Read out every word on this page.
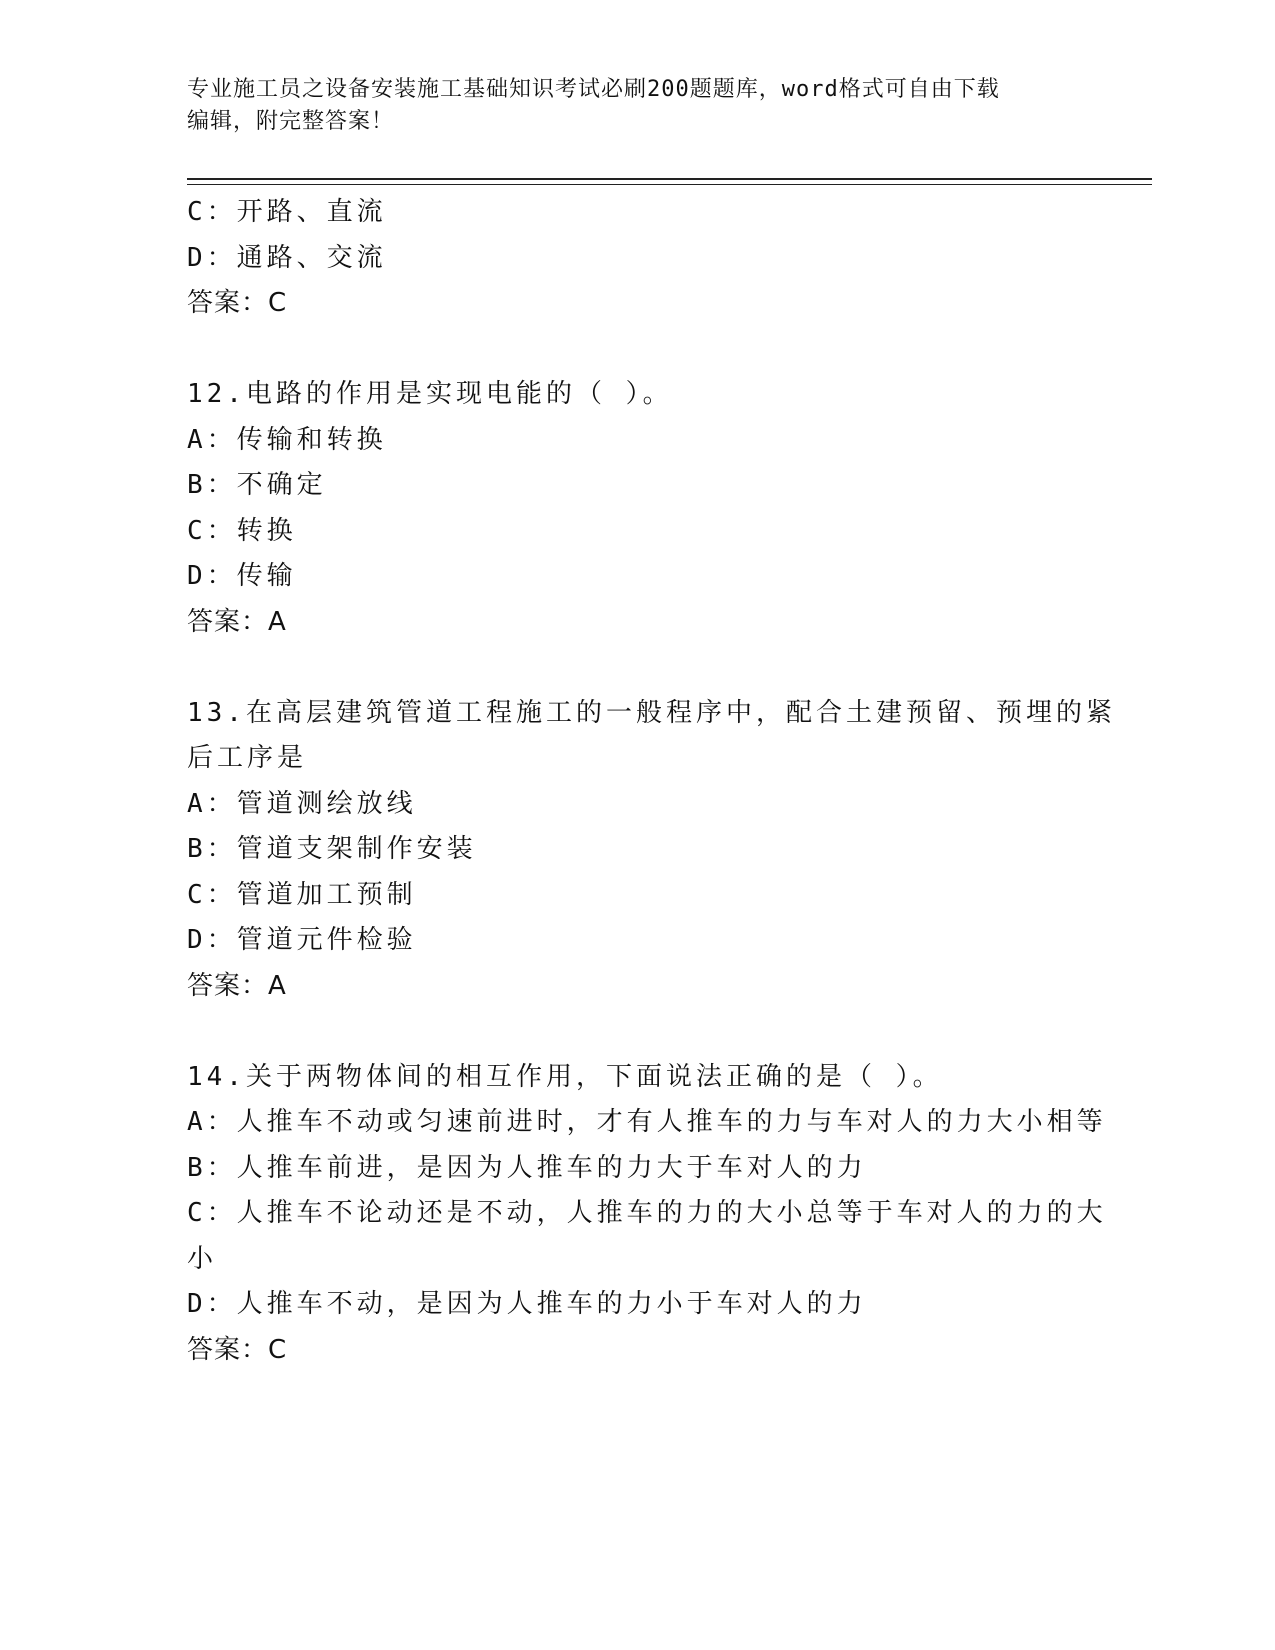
专业施工员之设备安装施工基础知识考试必刷200题题库，word格式可自由下载
编辑，附完整答案！
C：开路、直流
D：通路、交流
答案：C
12.电路的作用是实现电能的（ ）。
A：传输和转换
B：不确定
C：转换
D：传输
答案：A
13.在高层建筑管道工程施工的一般程序中，配合土建预留、预埋的紧
后工序是
A：管道测绘放线
B：管道支架制作安装
C：管道加工预制
D：管道元件检验
答案：A
14.关于两物体间的相互作用，下面说法正确的是（ ）。
A：人推车不动或匀速前进时，才有人推车的力与车对人的力大小相等
B：人推车前进，是因为人推车的力大于车对人的力
C：人推车不论动还是不动，人推车的力的大小总等于车对人的力的大
小
D：人推车不动，是因为人推车的力小于车对人的力
答案：C
